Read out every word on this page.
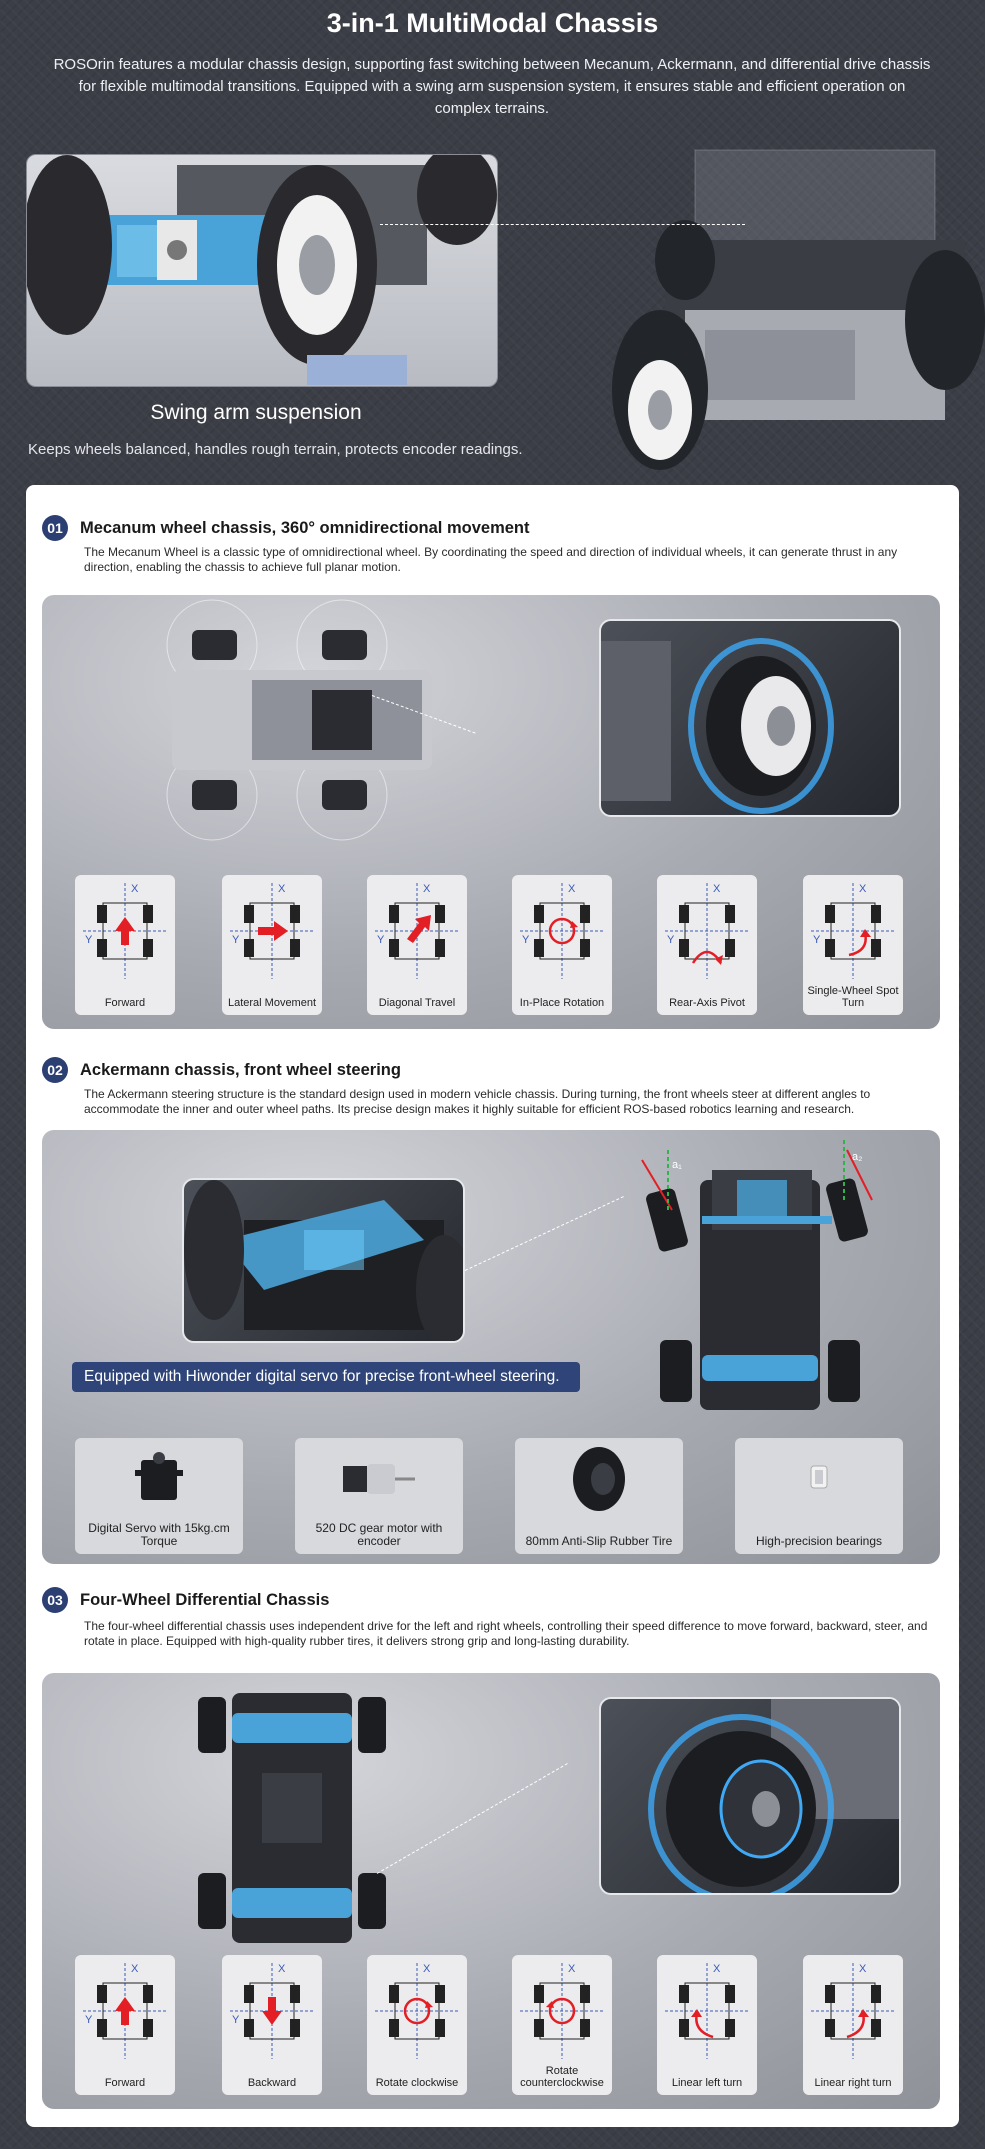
3-in-1 MultiModal Chassis
ROSOrin features a modular chassis design, supporting fast switching between Mecanum, Ackermann, and differential drive chassis for flexible multimodal transitions. Equipped with a swing arm suspension system, it ensures stable and efficient operation on complex terrains.
Swing arm suspension
Keeps wheels balanced, handles rough terrain, protects encoder readings.
01	Mecanum wheel chassis, 360° omnidirectional movement
The Mecanum Wheel is a classic type of omnidirectional wheel. By coordinating the speed and direction of individual wheels, it can generate thrust in any direction, enabling the chassis to achieve full planar motion.
X
Y
Forward
X
Y
Lateral Movement
X
Y
Diagonal Travel
X
Y
In-Place Rotation
X
Y
Rear-Axis Pivot
X
Y
Single-Wheel Spot Turn
02	Ackermann chassis, front wheel steering
The Ackermann steering structure is the standard design used in modern vehicle chassis. During turning, the front wheels steer at different angles to accommodate the inner and outer wheel paths. Its precise design makes it highly suitable for efficient ROS-based robotics learning and research.
a₁
a₂
Equipped with Hiwonder digital servo for precise front-wheel steering.
Digital Servo with 15kg.cm Torque
520 DC gear motor with encoder	80mm Anti-Slip Rubber Tire	High-precision bearings
03	Four-Wheel Differential Chassis
The four-wheel differential chassis uses independent drive for the left and right wheels, controlling their speed difference to move forward, backward, steer, and rotate in place. Equipped with high-quality rubber tires, it delivers strong grip and long-lasting durability.
X
Y
Forward
X
Y
Backward
X
Rotate clockwise
X
Rotate counterclockwise
X
Linear left turn
X
Linear right turn
